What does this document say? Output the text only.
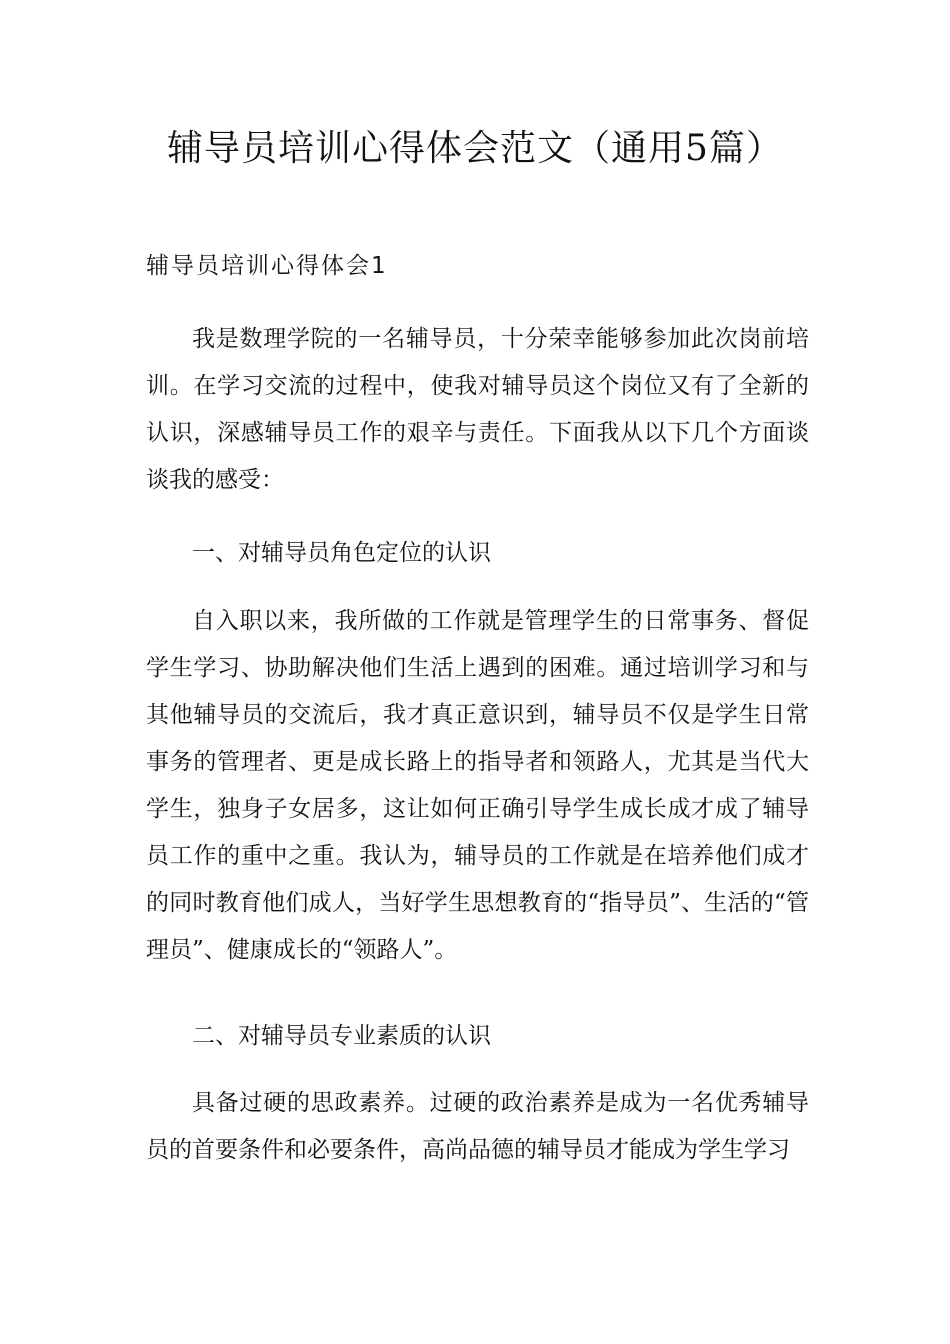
辅导员培训心得体会范文（通用5篇）
辅导员培训心得体会1

我是数理学院的一名辅导员，十分荣幸能够参加此次岗前培训。在学习交流的过程中，使我对辅导员这个岗位又有了全新的认识，深感辅导员工作的艰辛与责任。下面我从以下几个方面谈谈我的感受：

一、对辅导员角色定位的认识

自入职以来，我所做的工作就是管理学生的日常事务、督促学生学习、协助解决他们生活上遇到的困难。通过培训学习和与其他辅导员的交流后，我才真正意识到，辅导员不仅是学生日常事务的管理者、更是成长路上的指导者和领路人，尤其是当代大学生，独身子女居多，这让如何正确引导学生成长成才成了辅导员工作的重中之重。我认为，辅导员的工作就是在培养他们成才的同时教育他们成人，当好学生思想教育的“指导员”、生活的“管理员”、健康成长的“领路人”。

二、对辅导员专业素质的认识

具备过硬的思政素养。过硬的政治素养是成为一名优秀辅导员的首要条件和必要条件，高尚品德的辅导员才能成为学生学习
